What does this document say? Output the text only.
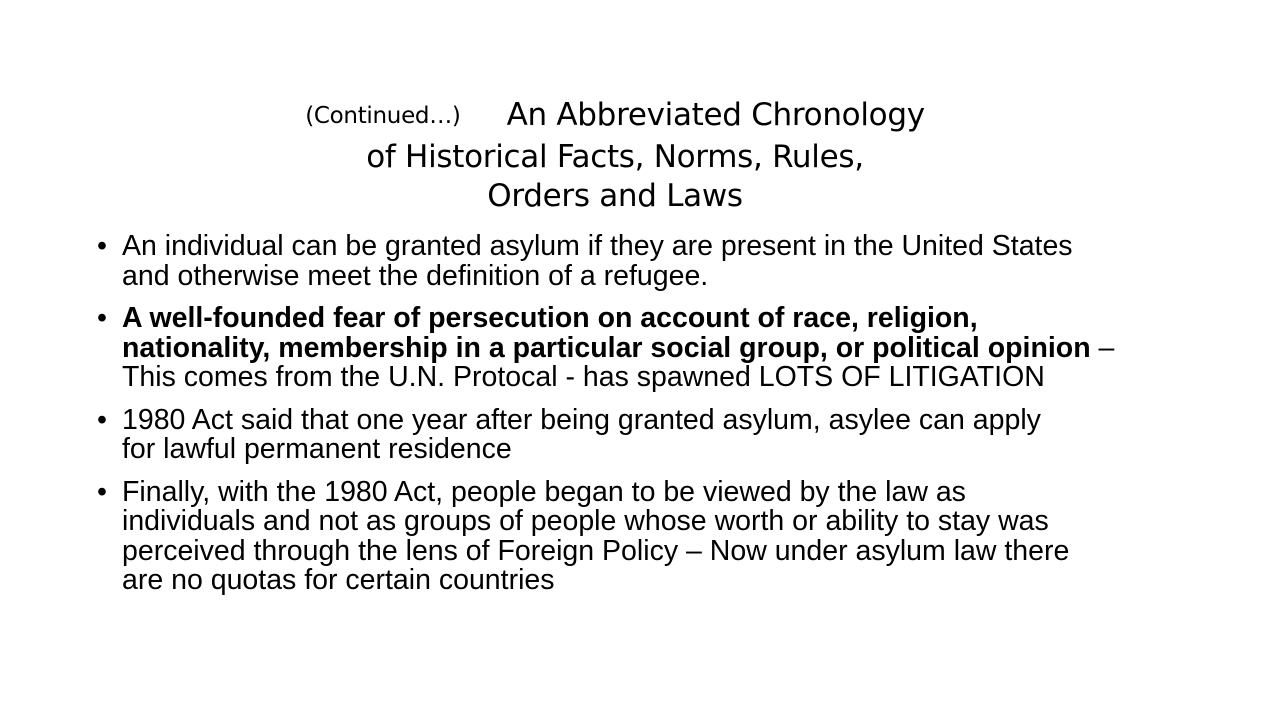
(Continued…) An Abbreviated Chronology
of Historical Facts, Norms, Rules,
Orders and Laws
• An individual can be granted asylum if they are present in the United States
and otherwise meet the definition of a refugee.
• A well-founded fear of persecution on account of race, religion,
nationality, membership in a particular social group, or political opinion –
This comes from the U.N. Protocal - has spawned LOTS OF LITIGATION
• 1980 Act said that one year after being granted asylum, asylee can apply
for lawful permanent residence
• Finally, with the 1980 Act, people began to be viewed by the law as
individuals and not as groups of people whose worth or ability to stay was
perceived through the lens of Foreign Policy – Now under asylum law there
are no quotas for certain countries
